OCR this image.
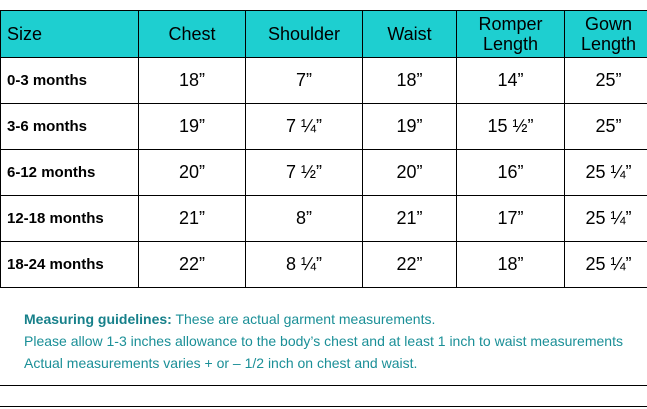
Size	Chest	Shoulder	Waist	Romper Length	Gown Length
0-3 months	18”	7”	18”	14”	25”
3-6 months	19”	7 ¼”	19”	15 ½”	25”
6-12 months	20”	7 ½”	20”	16”	25 ¼”
12-18 months	21”	8”	21”	17”	25 ¼”
18-24 months	22”	8 ¼”	22”	18”	25 ¼”
Measuring guidelines: These are actual garment measurements.
Please allow 1-3 inches allowance to the body’s chest and at least 1 inch to waist measurements
Actual measurements varies + or – 1/2 inch on chest and waist.
